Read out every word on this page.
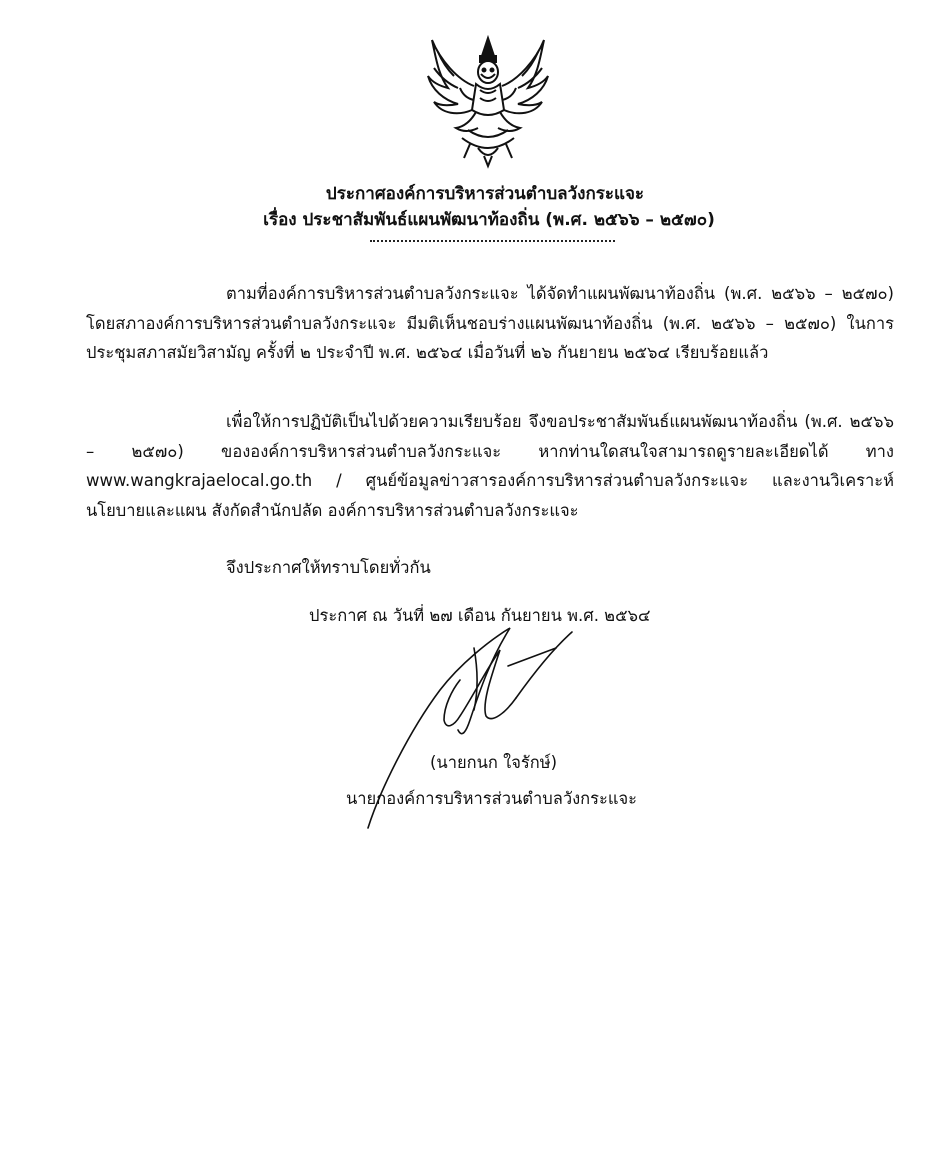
ประกาศองค์การบริหารส่วนตำบลวังกระแจะ
เรื่อง ประชาสัมพันธ์แผนพัฒนาท้องถิ่น (พ.ศ. ๒๕๖๖ – ๒๕๗๐)
ตามที่องค์การบริหารส่วนตำบลวังกระแจะ ได้จัดทำแผนพัฒนาท้องถิ่น (พ.ศ. ๒๕๖๖ – ๒๕๗๐) โดยสภาองค์การบริหารส่วนตำบลวังกระแจะ มีมติเห็นชอบร่างแผนพัฒนาท้องถิ่น (พ.ศ. ๒๕๖๖ – ๒๕๗๐) ในการประชุมสภาสมัยวิสามัญ ครั้งที่ ๒ ประจำปี พ.ศ. ๒๕๖๔ เมื่อวันที่ ๒๖ กันยายน ๒๕๖๔ เรียบร้อยแล้ว
เพื่อให้การปฏิบัติเป็นไปด้วยความเรียบร้อย จึงขอประชาสัมพันธ์แผนพัฒนาท้องถิ่น (พ.ศ. ๒๕๖๖ – ๒๕๗๐) ขององค์การบริหารส่วนตำบลวังกระแจะ หากท่านใดสนใจสามารถดูรายละเอียดได้ ทาง www.wangkrajaelocal.go.th / ศูนย์ข้อมูลข่าวสารองค์การบริหารส่วนตำบลวังกระแจะ และงานวิเคราะห์นโยบายและแผน สังกัดสำนักปลัด องค์การบริหารส่วนตำบลวังกระแจะ
จึงประกาศให้ทราบโดยทั่วกัน
ประกาศ ณ วันที่ ๒๗ เดือน กันยายน พ.ศ. ๒๕๖๔
(นายกนก ใจรักษ์)
นายกองค์การบริหารส่วนตำบลวังกระแจะ
